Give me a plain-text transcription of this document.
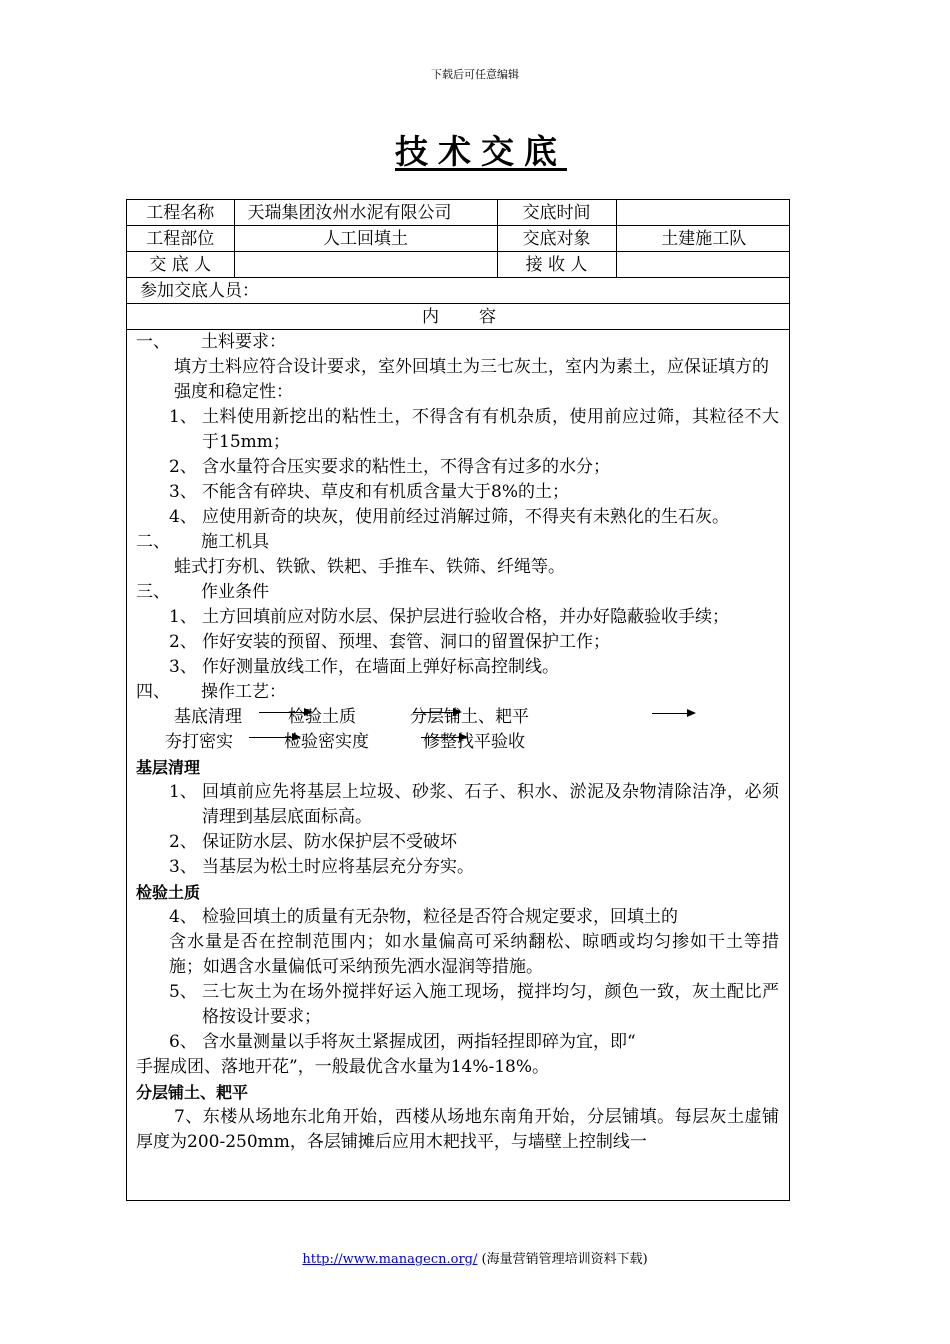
下载后可任意编辑
技术交底
工程名称	天瑞集团汝州水泥有限公司	交底时间	
工程部位	人工回填土	交底对象	土建施工队
交 底 人		接 收 人	
参加交底人员：			
内容			

一、	土料要求：

填方土料应符合设计要求，室外回填土为三七灰土，室内为素土，应保证填方的强度和稳定性：

1、 土料使用新挖出的粘性土，不得含有有机杂质，使用前应过筛，其粒径不大于15mm；
2、 含水量符合压实要求的粘性土，不得含有过多的水分；
3、 不能含有碎块、草皮和有机质含量大于8%的土；
4、 应使用新奇的块灰，使用前经过消解过筛，不得夹有未熟化的生石灰。

二、	施工机具

蛙式打夯机、铁锨、铁耙、手推车、铁筛、纤绳等。

三、	作业条件

1、 土方回填前应对防水层、保护层进行验收合格，并办好隐蔽验收手续；
2、 作好安装的预留、预埋、套管、洞口的留置保护工作；
3、 作好测量放线工作，在墙面上弹好标高控制线。

四、	操作工艺：

基底清理	检验土质	分层铺土、耙平
夯打密实	检验密实度	修整找平验收

基层清理

1、 回填前应先将基层上垃圾、砂浆、石子、积水、淤泥及杂物清除洁净，必须清理到基层底面标高。
2、 保证防水层、防水保护层不受破坏
3、 当基层为松土时应将基层充分夯实。

检验土质

4、 检验回填土的质量有无杂物，粒径是否符合规定要求，回填土的

含水量是否在控制范围内；如水量偏高可采纳翻松、晾晒或均匀掺如干土等措施；如遇含水量偏低可采纳预先洒水湿润等措施。

5、 三七灰土为在场外搅拌好运入施工现场，搅拌均匀，颜色一致，灰土配比严格按设计要求；
6、 含水量测量以手将灰土紧握成团，两指轻捏即碎为宜，即“

手握成团、落地开花”，一般最优含水量为14%-18%。

分层铺土、耙平

7、东楼从场地东北角开始，西楼从场地东南角开始，分层铺填。每层灰土虚铺厚度为200-250mm，各层铺摊后应用木耙找平，与墙壁上控制线一

http://www.managecn.org/ (海量营销管理培训资料下载)
